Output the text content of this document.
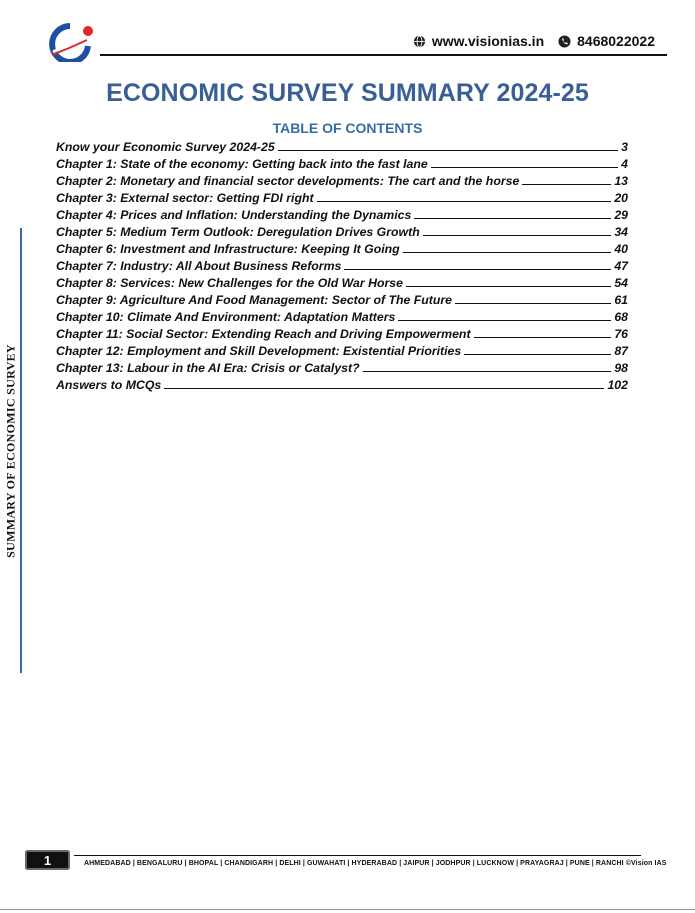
www.visionias.in 8468022022
ECONOMIC SURVEY SUMMARY 2024-25
TABLE OF CONTENTS
Know your Economic Survey 2024-25	3
Chapter 1: State of the economy: Getting back into the fast lane	4
Chapter 2: Monetary and financial sector developments: The cart and the horse	13
Chapter 3: External sector: Getting FDI right	20
Chapter 4: Prices and Inflation: Understanding the Dynamics	29
Chapter 5: Medium Term Outlook: Deregulation Drives Growth	34
Chapter 6: Investment and Infrastructure: Keeping It Going	40
Chapter 7: Industry: All About Business Reforms	47
Chapter 8: Services: New Challenges for the Old War Horse	54
Chapter 9: Agriculture And Food Management: Sector of The Future	61
Chapter 10: Climate And Environment: Adaptation Matters	68
Chapter 11: Social Sector: Extending Reach and Driving Empowerment	76
Chapter 12: Employment and Skill Development: Existential Priorities	87
Chapter 13: Labour in the AI Era: Crisis or Catalyst?	98
Answers to MCQs	102
SUMMARY OF ECONOMIC SURVEY
1	AHMEDABAD | BENGALURU | BHOPAL | CHANDIGARH | DELHI | GUWAHATI | HYDERABAD | JAIPUR | JODHPUR | LUCKNOW | PRAYAGRAJ | PUNE | RANCHI ©Vision IAS
